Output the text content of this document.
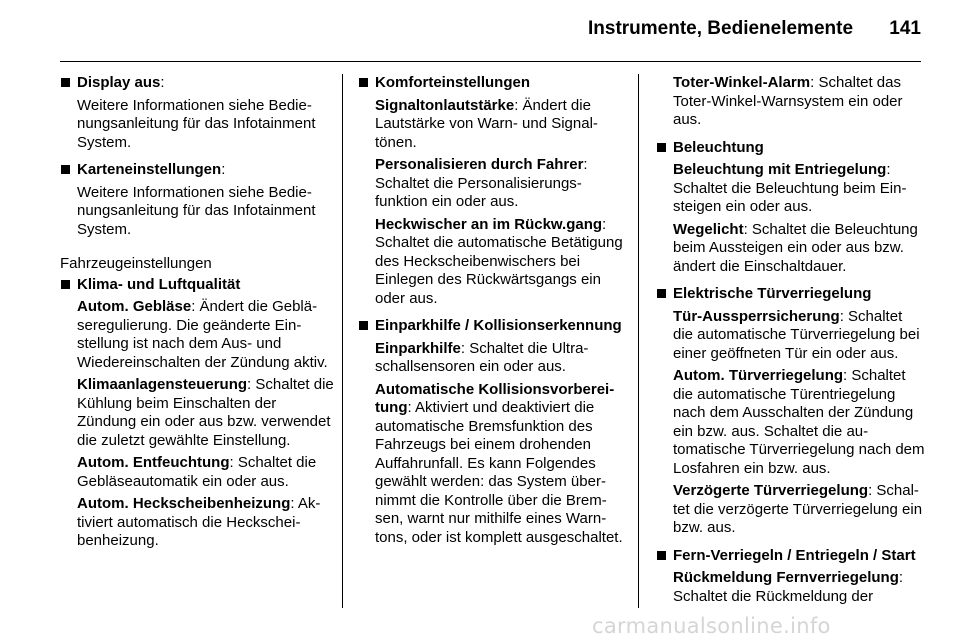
Instrumente, Bedienelemente 141

Display aus:

Weitere Informationen siehe Bedienungsanleitung für das Infotainment System.

Karteneinstellungen:

Weitere Informationen siehe Bedienungsanleitung für das Infotainment System.

Fahrzeugeinstellungen

Klima- und Luftqualität

Autom. Gebläse: Ändert die Gebläseregulierung. Die geänderte Einstellung ist nach dem Aus- und Wiedereinschalten der Zündung aktiv.

Klimaanlagensteuerung: Schaltet die Kühlung beim Einschalten der Zündung ein oder aus bzw. verwendet die zuletzt gewählte Einstellung.

Autom. Entfeuchtung: Schaltet die Gebläseautomatik ein oder aus.

Autom. Heckscheibenheizung: Aktiviert automatisch die Heckscheibenheizung.

Komforteinstellungen

Signaltonlautstärke: Ändert die Lautstärke von Warn- und Signaltönen.

Personalisieren durch Fahrer: Schaltet die Personalisierungsfunktion ein oder aus.

Heckwischer an im Rückw.gang: Schaltet die automatische Betätigung des Heckscheibenwischers bei Einlegen des Rückwärtsgangs ein oder aus.

Einparkhilfe / Kollisionserkennung

Einparkhilfe: Schaltet die Ultraschallsensoren ein oder aus.

Automatische Kollisionsvorbereitung: Aktiviert und deaktiviert die automatische Bremsfunktion des Fahrzeugs bei einem drohenden Auffahrunfall. Es kann Folgendes gewählt werden: das System übernimmt die Kontrolle über die Bremsen, warnt nur mithilfe eines Warntons, oder ist komplett ausgeschaltet.

Toter-Winkel-Alarm: Schaltet das Toter-Winkel-Warnsystem ein oder aus.

Beleuchtung

Beleuchtung mit Entriegelung: Schaltet die Beleuchtung beim Einsteigen ein oder aus.

Wegelicht: Schaltet die Beleuchtung beim Aussteigen ein oder aus bzw. ändert die Einschaltdauer.

Elektrische Türverriegelung

Tür-Aussperrsicherung: Schaltet die automatische Türverriegelung bei einer geöffneten Tür ein oder aus.

Autom. Türverriegelung: Schaltet die automatische Türentriegelung nach dem Ausschalten der Zündung ein bzw. aus. Schaltet die automatische Türverriegelung nach dem Losfahren ein bzw. aus.

Verzögerte Türverriegelung: Schaltet die verzögerte Türverriegelung ein bzw. aus.

Fern-Verriegeln / Entriegeln / Start

Rückmeldung Fernverriegelung: Schaltet die Rückmeldung der

carmanualsonline.info
